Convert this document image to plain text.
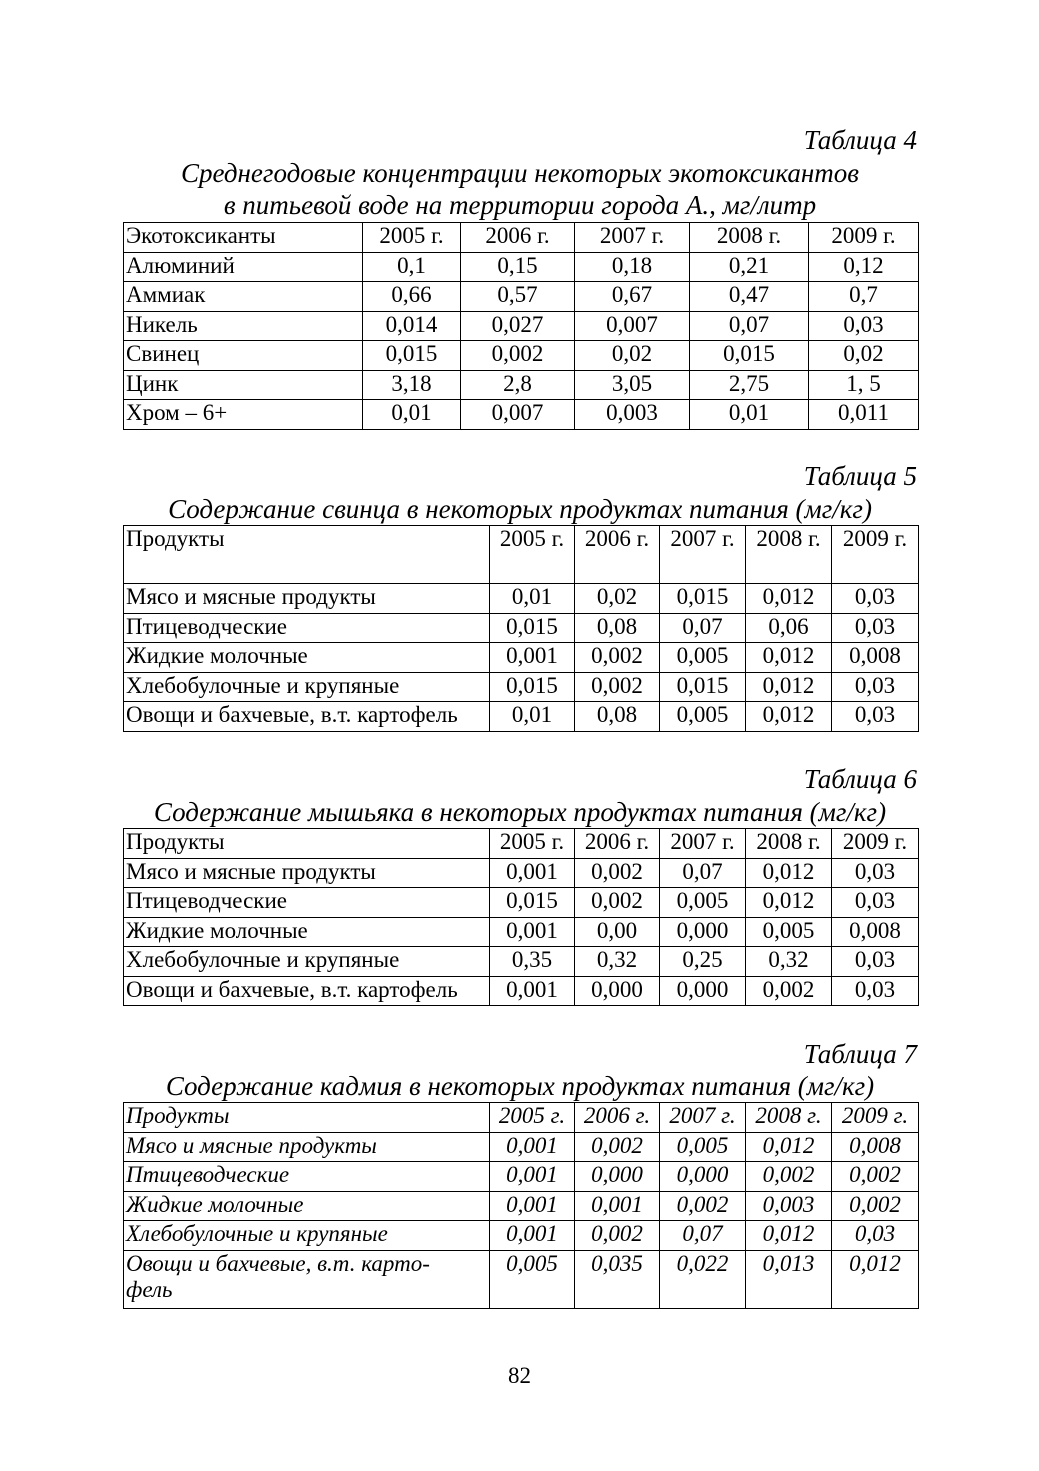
Таблица 4

Среднегодовые концентрации некоторых экотоксикантов

в питьевой воде на территории города А., мг/литр

Экотоксиканты	2005 г.	2006 г.	2007 г.	2008 г.	2009 г.
Алюминий	0,1	0,15	0,18	0,21	0,12
Аммиак	0,66	0,57	0,67	0,47	0,7
Никель	0,014	0,027	0,007	0,07	0,03
Свинец	0,015	0,002	0,02	0,015	0,02
Цинк	3,18	2,8	3,05	2,75	1, 5
Хром – 6+	0,01	0,007	0,003	0,01	0,011

Таблица 5

Содержание свинца в некоторых продуктах питания (мг/кг)

Продукты	2005 г.	2006 г.	2007 г.	2008 г.	2009 г.
Мясо и мясные продукты	0,01	0,02	0,015	0,012	0,03
Птицеводческие	0,015	0,08	0,07	0,06	0,03
Жидкие молочные	0,001	0,002	0,005	0,012	0,008
Хлебобулочные и крупяные	0,015	0,002	0,015	0,012	0,03
Овощи и бахчевые, в.т. картофель	0,01	0,08	0,005	0,012	0,03

Таблица 6

Содержание мышьяка в некоторых продуктах питания (мг/кг)

Продукты	2005 г.	2006 г.	2007 г.	2008 г.	2009 г.
Мясо и мясные продукты	0,001	0,002	0,07	0,012	0,03
Птицеводческие	0,015	0,002	0,005	0,012	0,03
Жидкие молочные	0,001	0,00	0,000	0,005	0,008
Хлебобулочные и крупяные	0,35	0,32	0,25	0,32	0,03
Овощи и бахчевые, в.т. картофель	0,001	0,000	0,000	0,002	0,03

Таблица 7

Содержание кадмия в некоторых продуктах питания (мг/кг)

Продукты	2005 г.	2006 г.	2007 г.	2008 г.	2009 г.
Мясо и мясные продукты	0,001	0,002	0,005	0,012	0,008
Птицеводческие	0,001	0,000	0,000	0,002	0,002
Жидкие молочные	0,001	0,001	0,002	0,003	0,002
Хлебобулочные и крупяные	0,001	0,002	0,07	0,012	0,03

Овощи и бахчевые, в.т. карто-
фель	0,005	0,035	0,022	0,013	0,012

82
